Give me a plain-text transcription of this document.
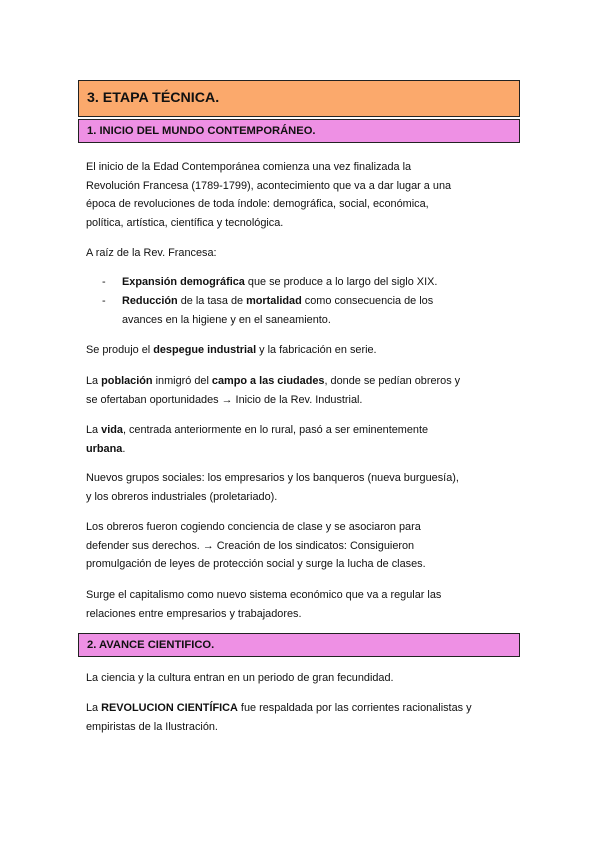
3. ETAPA TÉCNICA.
1. INICIO DEL MUNDO CONTEMPORÁNEO.
El inicio de la Edad Contemporánea comienza una vez finalizada la
Revolución Francesa (1789-1799), acontecimiento que va a dar lugar a una
época de revoluciones de toda índole: demográfica, social, económica,
política, artística, científica y tecnológica.
A raíz de la Rev. Francesa:
- Expansión demográfica que se produce a lo largo del siglo XIX.
- Reducción de la tasa de mortalidad como consecuencia de los
avances en la higiene y en el saneamiento.
Se produjo el despegue industrial y la fabricación en serie.
La población inmigró del campo a las ciudades, donde se pedían obreros y
se ofertaban oportunidades → Inicio de la Rev. Industrial.
La vida, centrada anteriormente en lo rural, pasó a ser eminentemente
urbana.
Nuevos grupos sociales: los empresarios y los banqueros (nueva burguesía),
y los obreros industriales (proletariado).
Los obreros fueron cogiendo conciencia de clase y se asociaron para
defender sus derechos. → Creación de los sindicatos: Consiguieron
promulgación de leyes de protección social y surge la lucha de clases.
Surge el capitalismo como nuevo sistema económico que va a regular las
relaciones entre empresarios y trabajadores.
2. AVANCE CIENTIFICO.
La ciencia y la cultura entran en un periodo de gran fecundidad.
La REVOLUCION CIENTÍFICA fue respaldada por las corrientes racionalistas y
empiristas de la Ilustración.
